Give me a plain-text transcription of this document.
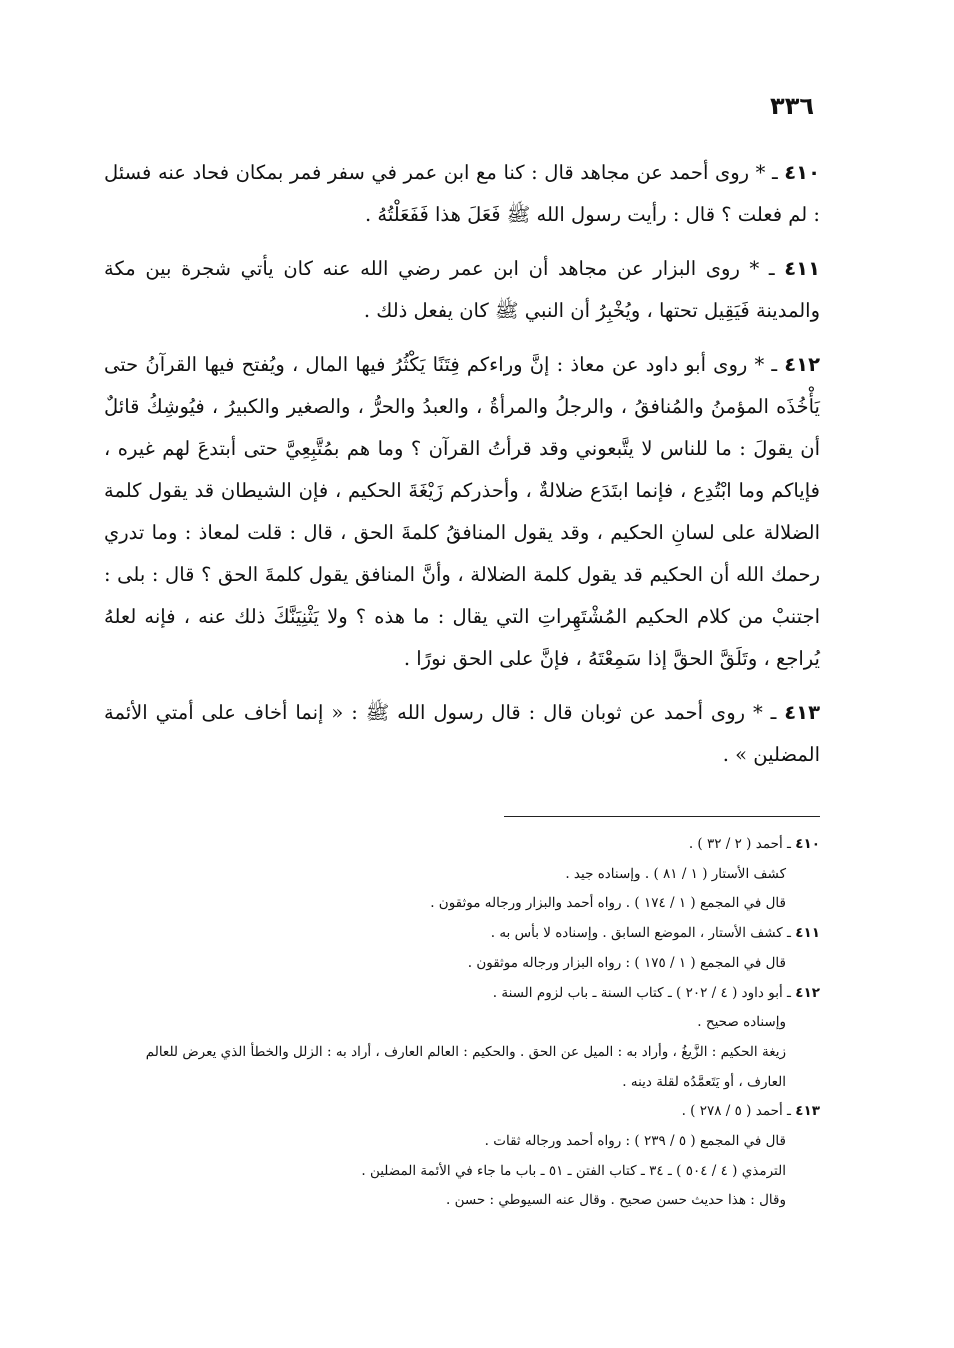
٣٣٦

٤١٠ ـ * روى أحمد عن مجاهد قال : كنا مع ابن عمر في سفر فمر بمكان فحاد عنه فسئل : لم فعلت ؟ قال : رأيت رسول الله ﷺ فَعَلَ هذا فَفَعَلْتُهُ .

٤١١ ـ * روى البزار عن مجاهد أن ابن عمر رضي الله عنه كان يأتي شجرة بين مكة والمدينة فَيَقِيل تحتها ، ويُخْبِرُ أن النبي ﷺ كان يفعل ذلك .

٤١٢ ـ * روى أبو داود عن معاذ : إنَّ وراءكم فِتَنًا يَكْثُرُ فيها المال ، ويُفتح فيها القرآنُ حتى يَأْخُذَه المؤمنُ والمُنافقُ ، والرجلُ والمرأةُ ، والعبدُ والحرُّ ، والصغير والكبيرُ ، فيُوشِكُ قائلٌ أن يقولَ : ما للناس لا يتَّبعوني وقد قرأتُ القرآن ؟ وما هم بمُتَّبِعِيَّ حتى أبتدعَ لهم غيره ، فإياكم وما ابْتُدِع ، فإنما ابتَدَع ضلالةٌ ، وأحذركم زَيْغَةَ الحكيم ، فإن الشيطان قد يقول كلمة الضلالة على لسانِ الحكيم ، وقد يقول المنافقُ كلمةَ الحق ، قال : قلت لمعاذ : وما تدري رحمك الله أن الحكيم قد يقول كلمة الضلالة ، وأنَّ المنافق يقول كلمةَ الحق ؟ قال : بلى : اجتنبْ من كلام الحكيم المُشْتَهِراتِ التي يقال : ما هذه ؟ ولا يَثْنِيَنَّكَ ذلك عنه ، فإنه لعلهُ يُراجع ، وتَلَقَّ الحقَّ إذا سَمِعْتَهُ ، فإنَّ على الحق نورًا .

٤١٣ ـ * روى أحمد عن ثوبان قال : قال رسول الله ﷺ : « إنما أخاف على أمتي الأئمة المضلين » .

٤١٠ ـ أحمد ( ٢ / ٣٢ ) .

كشف الأستار ( ١ / ٨١ ) . وإسناده جيد .

قال في المجمع ( ١ / ١٧٤ ) . رواه أحمد والبزار ورجاله موثقون .

٤١١ ـ كشف الأستار ، الموضع السابق . وإسناده لا بأس به .

قال في المجمع ( ١ / ١٧٥ ) : رواه البزار ورجاله موثقون .

٤١٢ ـ أبو داود ( ٤ / ٢٠٢ ) ـ كتاب السنة ـ باب لزوم السنة .

وإسناده صحيح .

زيغة الحكيم : الزَّيغُ ، وأراد به : الميل عن الحق . والحكيم : العالم العارف ، أراد به : الزلل والخطأ الذي يعرض للعالم العارف ، أو يَتَعمَّدُه لقلة دينه .

٤١٣ ـ أحمد ( ٥ / ٢٧٨ ) .

قال في المجمع ( ٥ / ٢٣٩ ) : رواه أحمد ورجاله ثقات .

الترمذي ( ٤ / ٥٠٤ ) ـ ٣٤ ـ كتاب الفتن ـ ٥١ ـ باب ما جاء في الأئمة المضلين .

وقال : هذا حديث حسن صحيح . وقال عنه السيوطي : حسن .
